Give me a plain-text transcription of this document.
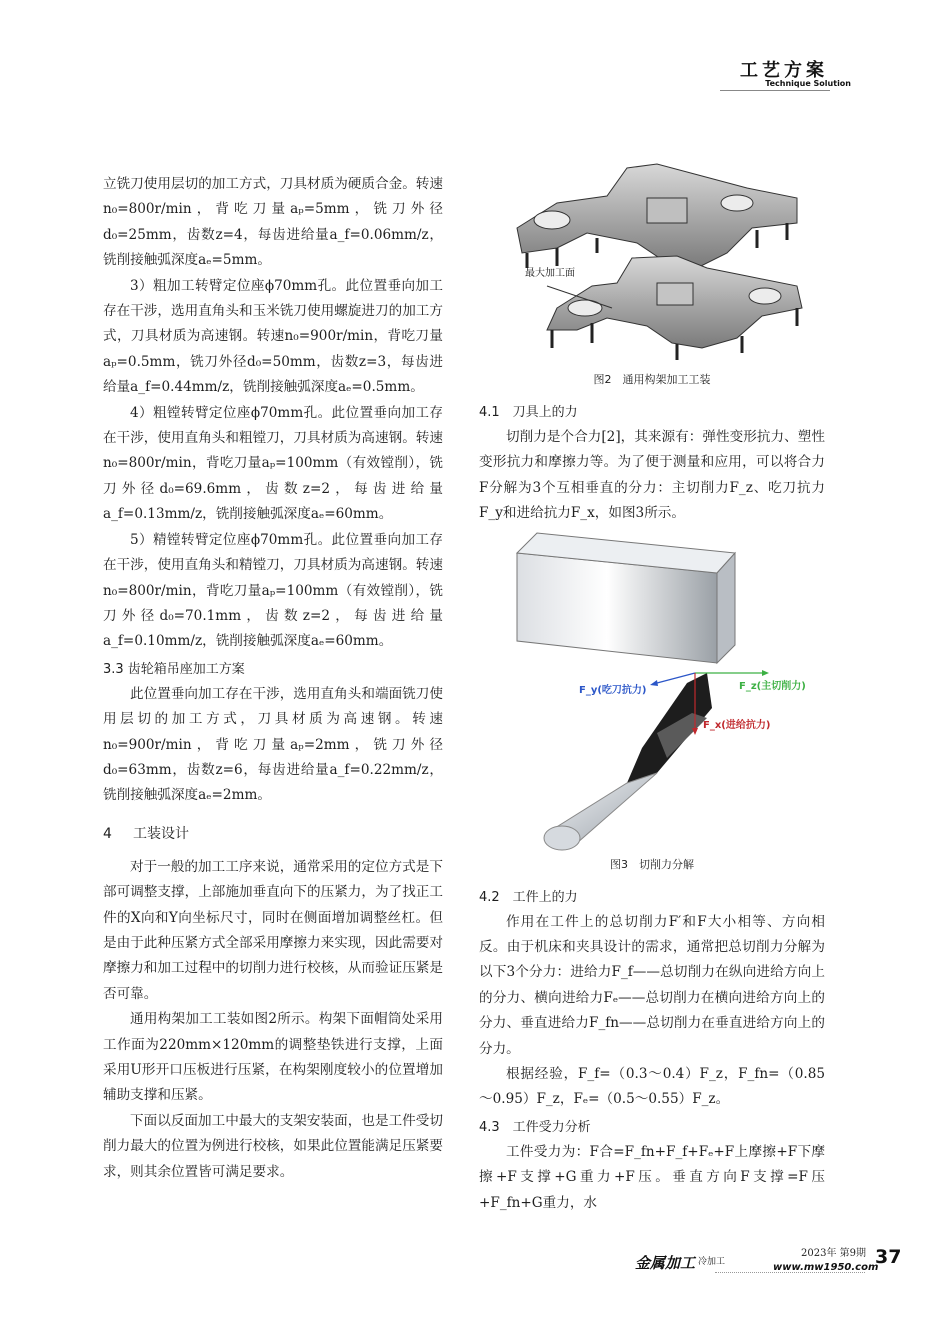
工艺方案
Technique Solution

立铣刀使用层切的加工方式，刀具材质为硬质合金。转速n₀=800r/min，背吃刀量aₚ=5mm，铣刀外径d₀=25mm，齿数z=4，每齿进给量a_f=0.06mm/z，铣削接触弧深度aₑ=5mm。

3）粗加工转臂定位座ϕ70mm孔。此位置垂向加工存在干涉，选用直角头和玉米铣刀使用螺旋进刀的加工方式，刀具材质为高速钢。转速n₀=900r/min，背吃刀量aₚ=0.5mm，铣刀外径d₀=50mm，齿数z=3，每齿进给量a_f=0.44mm/z，铣削接触弧深度aₑ=0.5mm。

4）粗镗转臂定位座ϕ70mm孔。此位置垂向加工存在干涉，使用直角头和粗镗刀，刀具材质为高速钢。转速n₀=800r/min，背吃刀量aₚ=100mm（有效镗削），铣刀外径d₀=69.6mm，齿数z=2，每齿进给量a_f=0.13mm/z，铣削接触弧深度aₑ=60mm。

5）精镗转臂定位座ϕ70mm孔。此位置垂向加工存在干涉，使用直角头和精镗刀，刀具材质为高速钢。转速n₀=800r/min，背吃刀量aₚ=100mm（有效镗削），铣刀外径d₀=70.1mm，齿数z=2，每齿进给量a_f=0.10mm/z，铣削接触弧深度aₑ=60mm。

3.3 齿轮箱吊座加工方案

此位置垂向加工存在干涉，选用直角头和端面铣刀使用层切的加工方式，刀具材质为高速钢。转速n₀=900r/min，背吃刀量aₚ=2mm，铣刀外径d₀=63mm，齿数z=6，每齿进给量a_f=0.22mm/z，铣削接触弧深度aₑ=2mm。

4 工装设计

对于一般的加工工序来说，通常采用的定位方式是下部可调整支撑，上部施加垂直向下的压紧力，为了找正工件的X向和Y向坐标尺寸，同时在侧面增加调整丝杠。但是由于此种压紧方式全部采用摩擦力来实现，因此需要对摩擦力和加工过程中的切削力进行校核，从而验证压紧是否可靠。

通用构架加工工装如图2所示。构架下面帽筒处采用工作面为220mm×120mm的调整垫铁进行支撑，上面采用U形开口压板进行压紧，在构架刚度较小的位置增加辅助支撑和压紧。

下面以反面加工中最大的支架安装面，也是工件受切削力最大的位置为例进行校核，如果此位置能满足压紧要求，则其余位置皆可满足要求。

最大加工面

图2　通用构架加工工装

4.1　刀具上的力

切削力是个合力[2]，其来源有：弹性变形抗力、塑性变形抗力和摩擦力等。为了便于测量和应用，可以将合力F分解为3个互相垂直的分力：主切削力F_z、吃刀抗力F_y和进给抗力F_x，如图3所示。

F_y(吃刀抗力)	F_z(主切削力)
F_x(进给抗力)

图3　切削力分解

4.2　工件上的力

作用在工件上的总切削力F′和F大小相等、方向相反。由于机床和夹具设计的需求，通常把总切削力分解为以下3个分力：进给力F_f——总切削力在纵向进给方向上的分力、横向进给力Fₑ——总切削力在横向进给方向上的分力、垂直进给力F_fn——总切削力在垂直进给方向上的分力。

根据经验，F_f=（0.3～0.4）F_z，F_fn=（0.85～0.95）F_z，Fₑ=（0.5～0.55）F_z。

4.3　工件受力分析

工件受力为：F合=F_fn+F_f+Fₑ+F上摩擦+F下摩擦+F支撑+G重力+F压。垂直方向F支撑=F压+F_fn+G重力，水

金属加工 冷加工
2023年 第9期
www.mw1950.com
37
